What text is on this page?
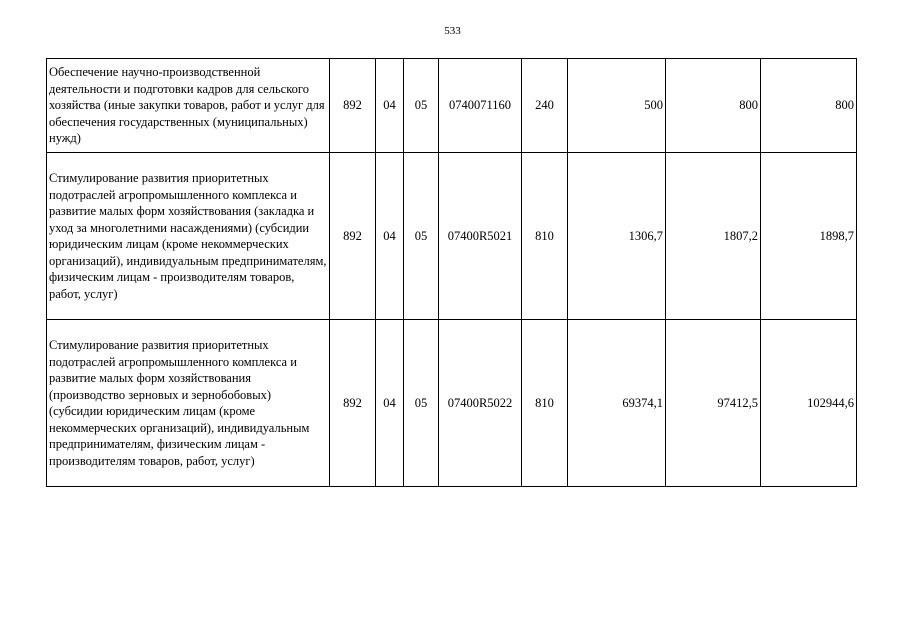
533
Обеспечение научно-производственной деятельности и подготовки кадров для сельского хозяйства (иные закупки товаров, работ и услуг для обеспечения государственных (муниципальных) нужд)	892	04	05	0740071160	240	500	800	800
Стимулирование развития приоритетных подотраслей агропромышленного комплекса и развитие малых форм хозяйствования (закладка и уход за многолетними насаждениями) (субсидии юридическим лицам (кроме некоммерческих организаций), индивидуальным предпринимателям, физическим лицам - производителям товаров, работ, услуг)	892	04	05	07400R5021	810	1306,7	1807,2	1898,7
Стимулирование развития приоритетных подотраслей агропромышленного комплекса и развитие малых форм хозяйствования (производство зерновых и зернобобовых) (субсидии юридическим лицам (кроме некоммерческих организаций), индивидуальным предпринимателям, физическим лицам - производителям товаров, работ, услуг)	892	04	05	07400R5022	810	69374,1	97412,5	102944,6
